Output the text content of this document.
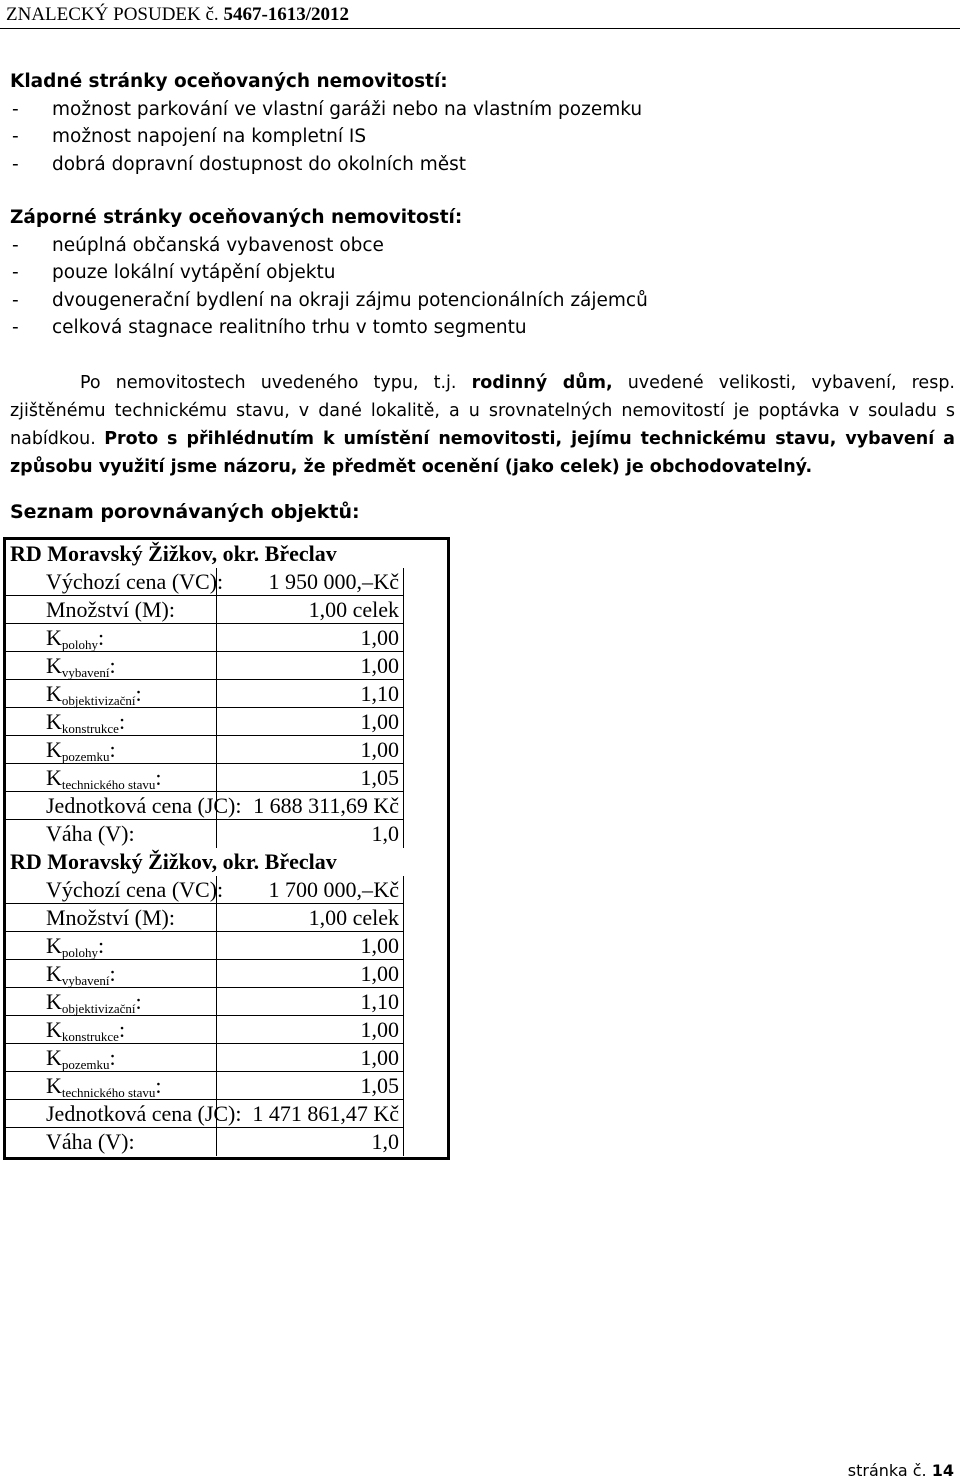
ZNALECKÝ POSUDEK č. 5467-1613/2012
Kladné stránky oceňovaných nemovitostí:
-	možnost parkování ve vlastní garáži nebo na vlastním pozemku
-	možnost napojení na kompletní IS
-	dobrá dopravní dostupnost do okolních měst
Záporné stránky oceňovaných nemovitostí:
-	neúplná občanská vybavenost obce
-	pouze lokální vytápění objektu
-	dvougenerační bydlení na okraji zájmu potencionálních zájemců
-	celková stagnace realitního trhu v tomto segmentu
Po nemovitostech uvedeného typu, t.j. rodinný dům, uvedené velikosti, vybavení, resp. zjištěnému technickému stavu, v dané lokalitě, a u srovnatelných nemovitostí je poptávka v souladu s nabídkou. Proto s přihlédnutím k umístění nemovitosti, jejímu technickému stavu, vybavení a způsobu využití jsme názoru, že předmět ocenění (jako celek) je obchodovatelný.
Seznam porovnávaných objektů:
RD Moravský Žižkov, okr. Břeclav
Výchozí cena (VC):	1 950 000,–Kč
Množství (M):	1,00 celek
$K_{polohy}$:	1,00
$K_{vybavení}$:	1,00
$K_{objektivizační}$:	1,10
$K_{konstrukce}$:	1,00
$K_{pozemku}$:	1,00
$K_{technického stavu}$:	1,05
Jednotková cena (JC): 1 688 311,69 Kč
Váha (V):	1,0
RD Moravský Žižkov, okr. Břeclav
Výchozí cena (VC):	1 700 000,–Kč
Množství (M):	1,00 celek
$K_{polohy}$:	1,00
$K_{vybavení}$:	1,00
$K_{objektivizační}$:	1,10
$K_{konstrukce}$:	1,00
$K_{pozemku}$:	1,00
$K_{technického stavu}$:	1,05
Jednotková cena (JC): 1 471 861,47 Kč
Váha (V):	1,0
stránka č. 14
